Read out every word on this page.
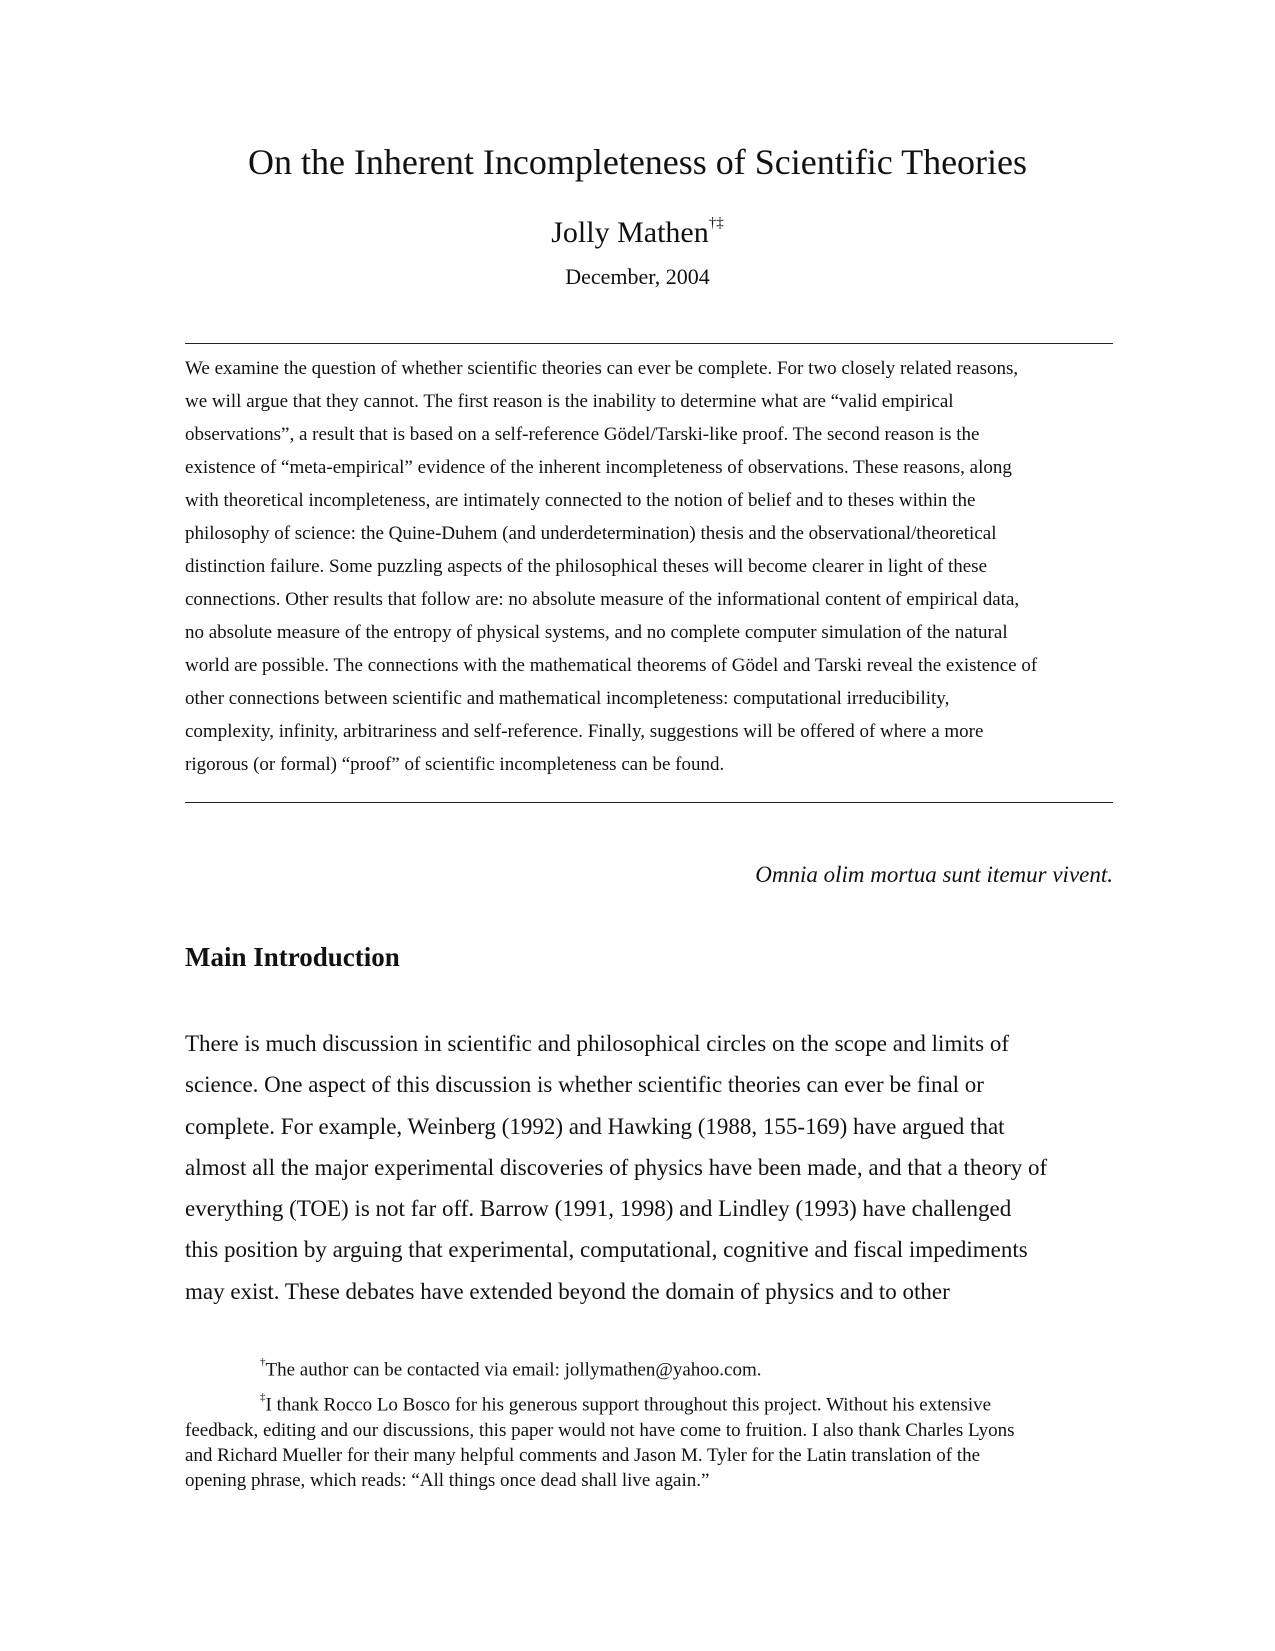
On the Inherent Incompleteness of Scientific Theories
Jolly Mathen†‡
December, 2004
We examine the question of whether scientific theories can ever be complete. For two closely related reasons,
we will argue that they cannot. The first reason is the inability to determine what are “valid empirical
observations”, a result that is based on a self-reference Gödel/Tarski-like proof. The second reason is the
existence of “meta-empirical” evidence of the inherent incompleteness of observations. These reasons, along
with theoretical incompleteness, are intimately connected to the notion of belief and to theses within the
philosophy of science: the Quine-Duhem (and underdetermination) thesis and the observational/theoretical
distinction failure. Some puzzling aspects of the philosophical theses will become clearer in light of these
connections. Other results that follow are: no absolute measure of the informational content of empirical data,
no absolute measure of the entropy of physical systems, and no complete computer simulation of the natural
world are possible. The connections with the mathematical theorems of Gödel and Tarski reveal the existence of
other connections between scientific and mathematical incompleteness: computational irreducibility,
complexity, infinity, arbitrariness and self-reference. Finally, suggestions will be offered of where a more
rigorous (or formal) “proof” of scientific incompleteness can be found.
Omnia olim mortua sunt itemur vivent.
Main Introduction
There is much discussion in scientific and philosophical circles on the scope and limits of
science. One aspect of this discussion is whether scientific theories can ever be final or
complete. For example, Weinberg (1992) and Hawking (1988, 155-169) have argued that
almost all the major experimental discoveries of physics have been made, and that a theory of
everything (TOE) is not far off. Barrow (1991, 1998) and Lindley (1993) have challenged
this position by arguing that experimental, computational, cognitive and fiscal impediments
may exist. These debates have extended beyond the domain of physics and to other
†The author can be contacted via email: jollymathen@yahoo.com.
‡I thank Rocco Lo Bosco for his generous support throughout this project. Without his extensive
feedback, editing and our discussions, this paper would not have come to fruition. I also thank Charles Lyons
and Richard Mueller for their many helpful comments and Jason M. Tyler for the Latin translation of the
opening phrase, which reads: “All things once dead shall live again.”
